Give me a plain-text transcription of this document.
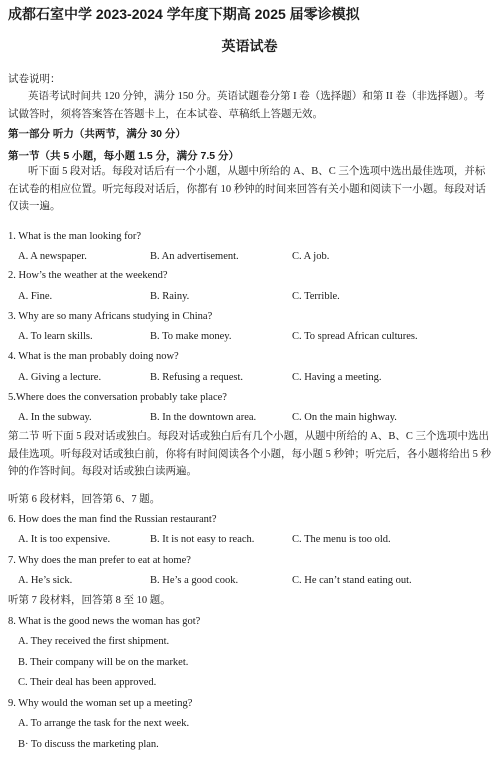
成都石室中学 2023-2024 学年度下期高 2025 届零诊模拟
英语试卷
试卷说明：
英语考试时间共 120 分钟，满分 150 分。英语试题卷分第 I 卷（选择题）和第 II 卷（非选择题）。考试做答时，须将答案答在答题卡上，在本试卷、草稿纸上答题无效。
第一部分 听力（共两节，满分 30 分）
第一节（共 5 小题，每小题 1.5 分，满分 7.5 分）
听下面 5 段对话。每段对话后有一个小题，从题中所给的 A、B、C 三个选项中选出最佳选项，并标在试卷的相应位置。听完每段对话后，你都有 10 秒钟的时间来回答有关小题和阅读下一小题。每段对话仅读一遍。
1. What is the man looking for?
A. A newspaper.	B. An advertisement.	C. A job.
2. How’s the weather at the weekend?
A. Fine.	B. Rainy.	C. Terrible.
3. Why are so many Africans studying in China?
A. To learn skills.	B. To make money.	C. To spread African cultures.
4. What is the man probably doing now?
A. Giving a lecture.	B. Refusing a request.	C. Having a meeting.
5.Where does the conversation probably take place?
A. In the subway.	B. In the downtown area.	C. On the main highway.
第二节 听下面 5 段对话或独白。每段对话或独白后有几个小题，从题中所给的 A、B、C 三个选项中选出最佳选项。听每段对话或独白前，你将有时间阅读各个小题，每小题 5 秒钟；听完后，各小题将给出 5 秒钟的作答时间。每段对话或独白读两遍。
听第 6 段材料，回答第 6、7 题。
6. How does the man find the Russian restaurant?
A. It is too expensive.	B. It is not easy to reach.	C. The menu is too old.
7. Why does the man prefer to eat at home?
A. He’s sick.	B. He’s a good cook.	C. He can’t stand eating out.
听第 7 段材料，回答第 8 至 10 题。
8. What is the good news the woman has got?
A. They received the first shipment.
B. Their company will be on the market.
C. Their deal has been approved.
9. Why would the woman set up a meeting?
A. To arrange the task for the next week.
B· To discuss the marketing plan.
